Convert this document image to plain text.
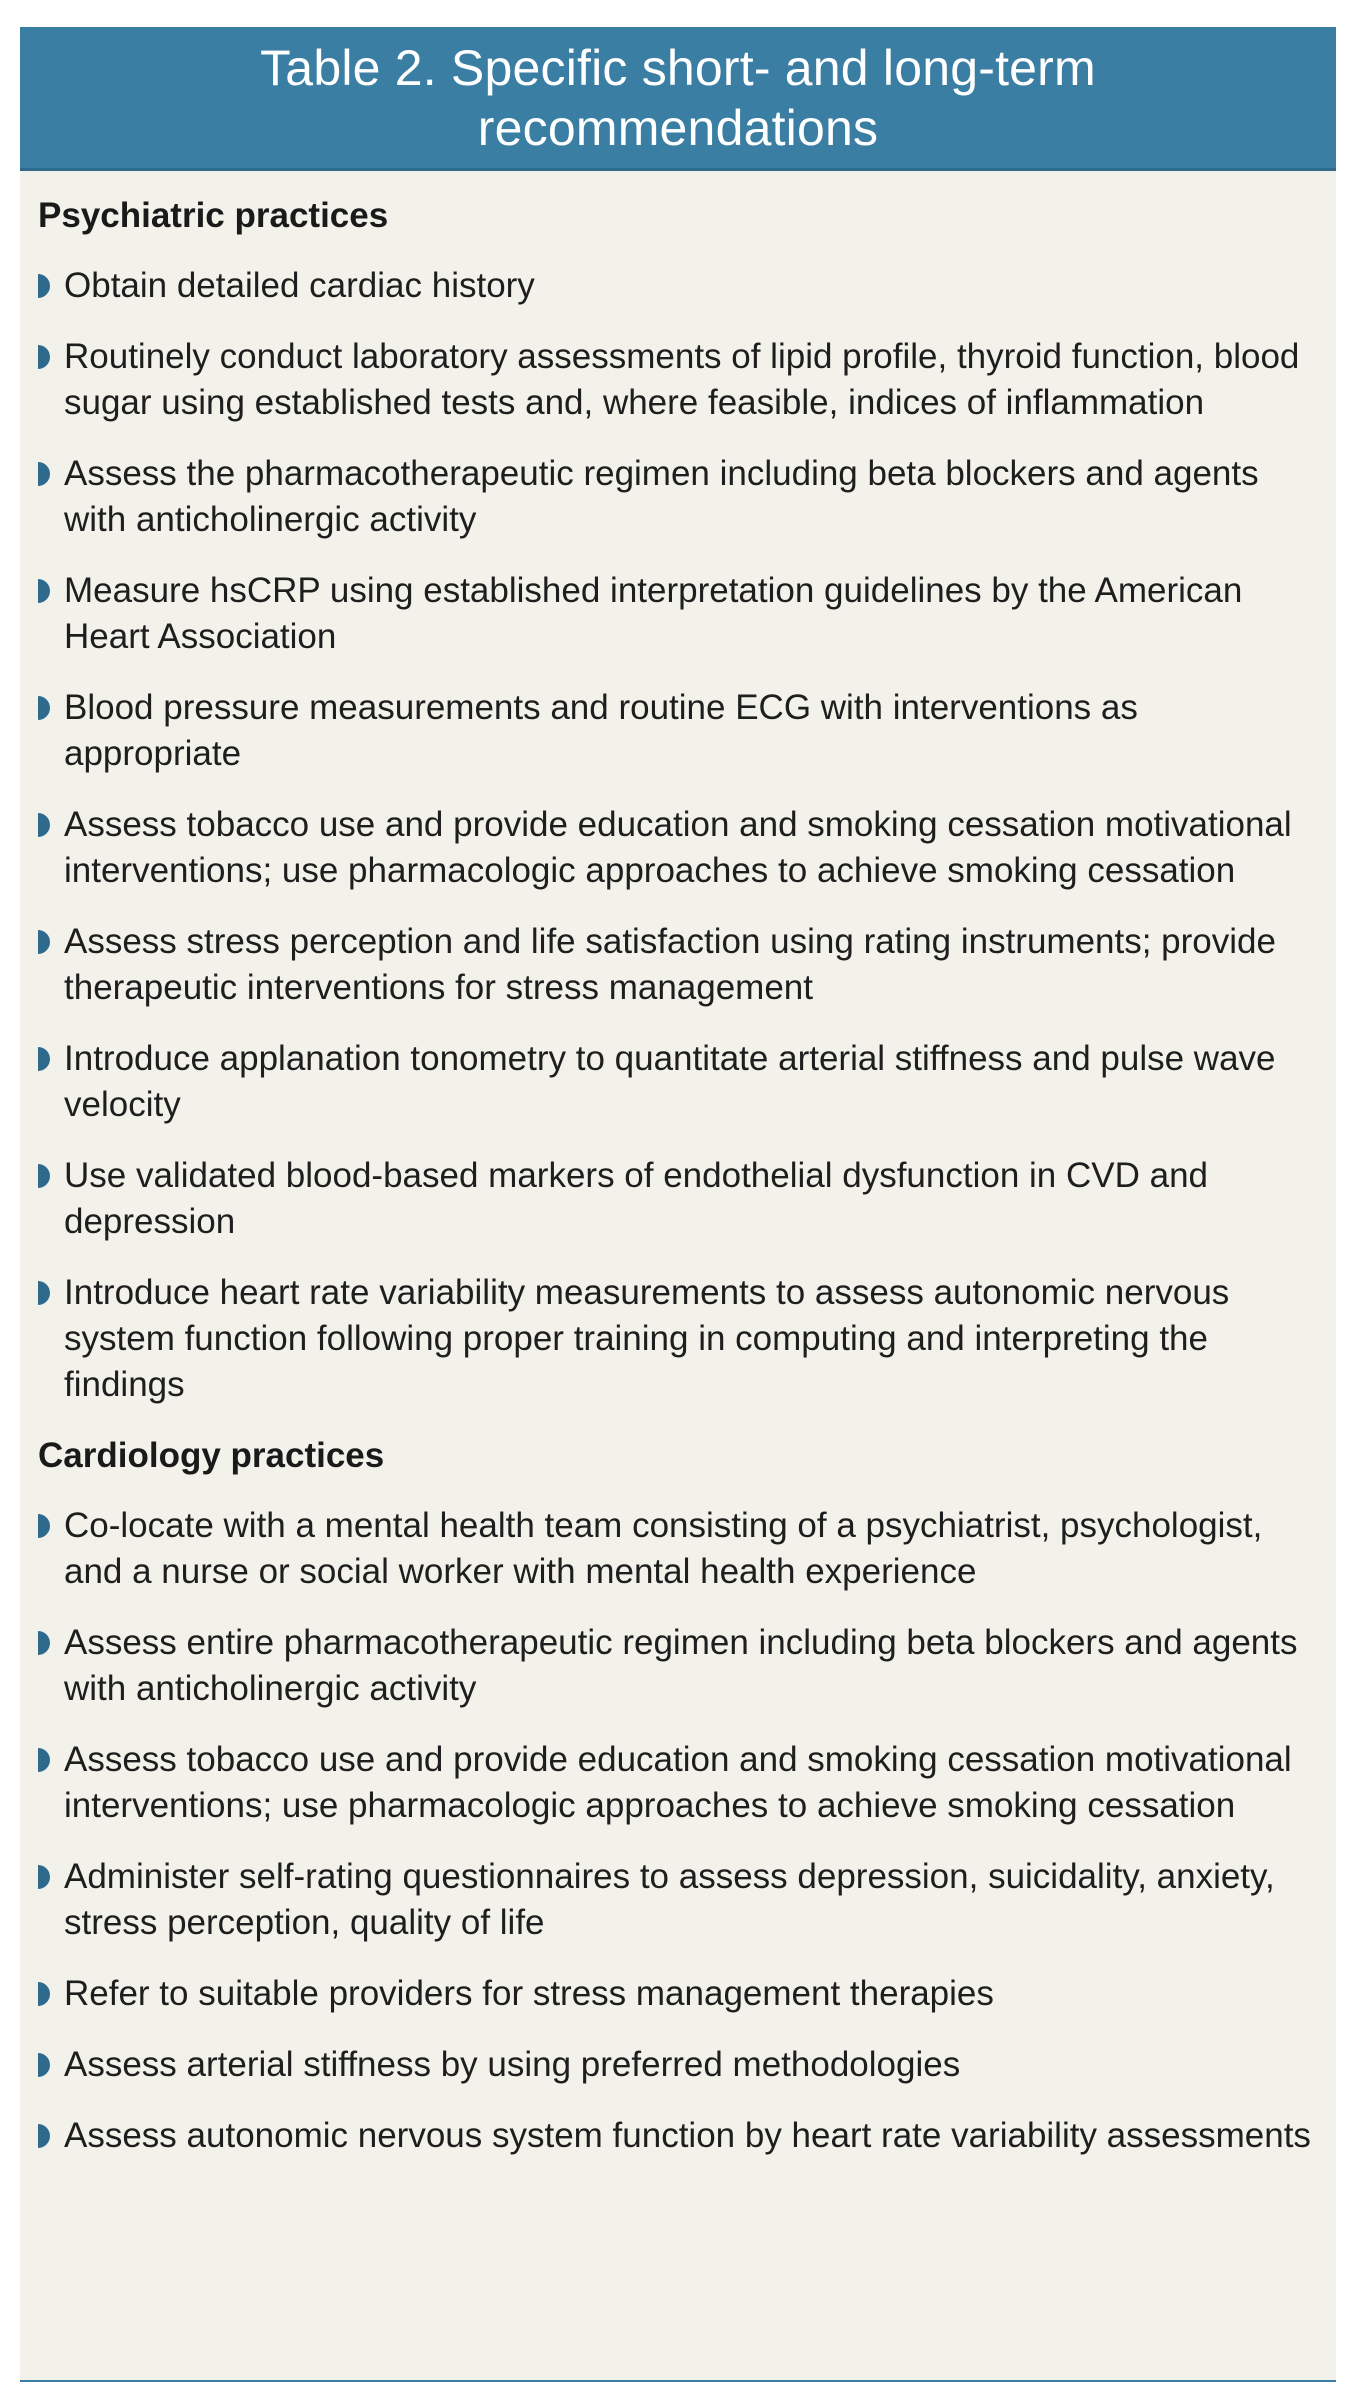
Table 2. Specific short- and long-term recommendations
Psychiatric practices
Obtain detailed cardiac history
Routinely conduct laboratory assessments of lipid profile, thyroid function, blood sugar using established tests and, where feasible, indices of inflammation
Assess the pharmacotherapeutic regimen including beta blockers and agents with anticholinergic activity
Measure hsCRP using established interpretation guidelines by the American Heart Association
Blood pressure measurements and routine ECG with interventions as appropriate
Assess tobacco use and provide education and smoking cessation motivational interventions; use pharmacologic approaches to achieve smoking cessation
Assess stress perception and life satisfaction using rating instruments; provide therapeutic interventions for stress management
Introduce applanation tonometry to quantitate arterial stiffness and pulse wave velocity
Use validated blood-based markers of endothelial dysfunction in CVD and depression
Introduce heart rate variability measurements to assess autonomic nervous system function following proper training in computing and interpreting the findings
Cardiology practices
Co-locate with a mental health team consisting of a psychiatrist, psychologist, and a nurse or social worker with mental health experience
Assess entire pharmacotherapeutic regimen including beta blockers and agents with anticholinergic activity
Assess tobacco use and provide education and smoking cessation motivational interventions; use pharmacologic approaches to achieve smoking cessation
Administer self-rating questionnaires to assess depression, suicidality, anxiety, stress perception, quality of life
Refer to suitable providers for stress management therapies
Assess arterial stiffness by using preferred methodologies
Assess autonomic nervous system function by heart rate variability assessments
